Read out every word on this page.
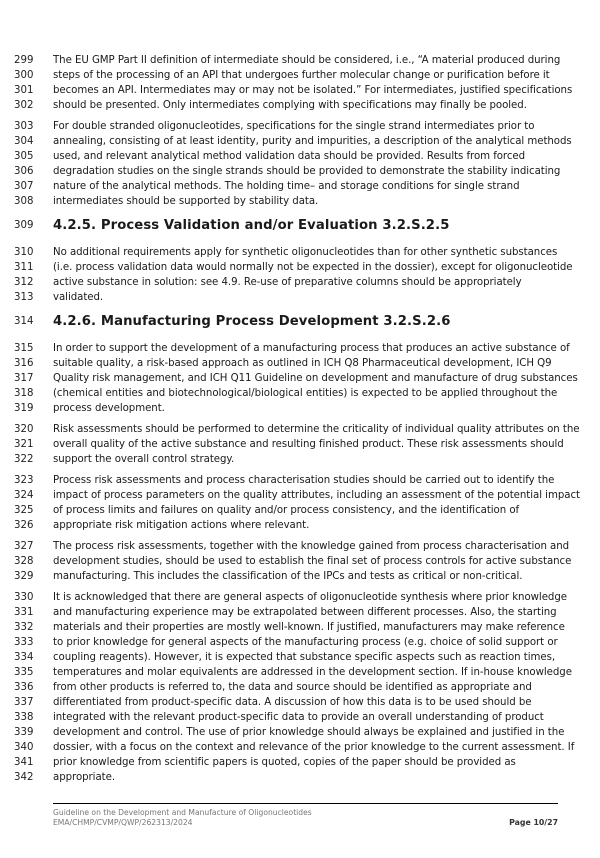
299	The EU GMP Part II definition of intermediate should be considered, i.e., “A material produced during
300	steps of the processing of an API that undergoes further molecular change or purification before it
301	becomes an API. Intermediates may or may not be isolated.” For intermediates, justified specifications
302	should be presented. Only intermediates complying with specifications may finally be pooled.
303	For double stranded oligonucleotides, specifications for the single strand intermediates prior to
304	annealing, consisting of at least identity, purity and impurities, a description of the analytical methods
305	used, and relevant analytical method validation data should be provided. Results from forced
306	degradation studies on the single strands should be provided to demonstrate the stability indicating
307	nature of the analytical methods. The holding time– and storage conditions for single strand
308	intermediates should be supported by stability data.
309	4.2.5. Process Validation and/or Evaluation 3.2.S.2.5
310	No additional requirements apply for synthetic oligonucleotides than for other synthetic substances
311	(i.e. process validation data would normally not be expected in the dossier), except for oligonucleotide
312	active substance in solution: see 4.9. Re-use of preparative columns should be appropriately
313	validated.
314	4.2.6. Manufacturing Process Development 3.2.S.2.6
315	In order to support the development of a manufacturing process that produces an active substance of
316	suitable quality, a risk-based approach as outlined in ICH Q8 Pharmaceutical development, ICH Q9
317	Quality risk management, and ICH Q11 Guideline on development and manufacture of drug substances
318	(chemical entities and biotechnological/biological entities) is expected to be applied throughout the
319	process development.
320	Risk assessments should be performed to determine the criticality of individual quality attributes on the
321	overall quality of the active substance and resulting finished product. These risk assessments should
322	support the overall control strategy.
323	Process risk assessments and process characterisation studies should be carried out to identify the
324	impact of process parameters on the quality attributes, including an assessment of the potential impact
325	of process limits and failures on quality and/or process consistency, and the identification of
326	appropriate risk mitigation actions where relevant.
327	The process risk assessments, together with the knowledge gained from process characterisation and
328	development studies, should be used to establish the final set of process controls for active substance
329	manufacturing. This includes the classification of the IPCs and tests as critical or non-critical.
330	It is acknowledged that there are general aspects of oligonucleotide synthesis where prior knowledge
331	and manufacturing experience may be extrapolated between different processes. Also, the starting
332	materials and their properties are mostly well-known. If justified, manufacturers may make reference
333	to prior knowledge for general aspects of the manufacturing process (e.g. choice of solid support or
334	coupling reagents). However, it is expected that substance specific aspects such as reaction times,
335	temperatures and molar equivalents are addressed in the development section. If in-house knowledge
336	from other products is referred to, the data and source should be identified as appropriate and
337	differentiated from product-specific data. A discussion of how this data is to be used should be
338	integrated with the relevant product-specific data to provide an overall understanding of product
339	development and control. The use of prior knowledge should always be explained and justified in the
340	dossier, with a focus on the context and relevance of the prior knowledge to the current assessment. If
341	prior knowledge from scientific papers is quoted, copies of the paper should be provided as
342	appropriate.
Guideline on the Development and Manufacture of Oligonucleotides
EMA/CHMP/CVMP/QWP/262313/2024	Page 10/27
